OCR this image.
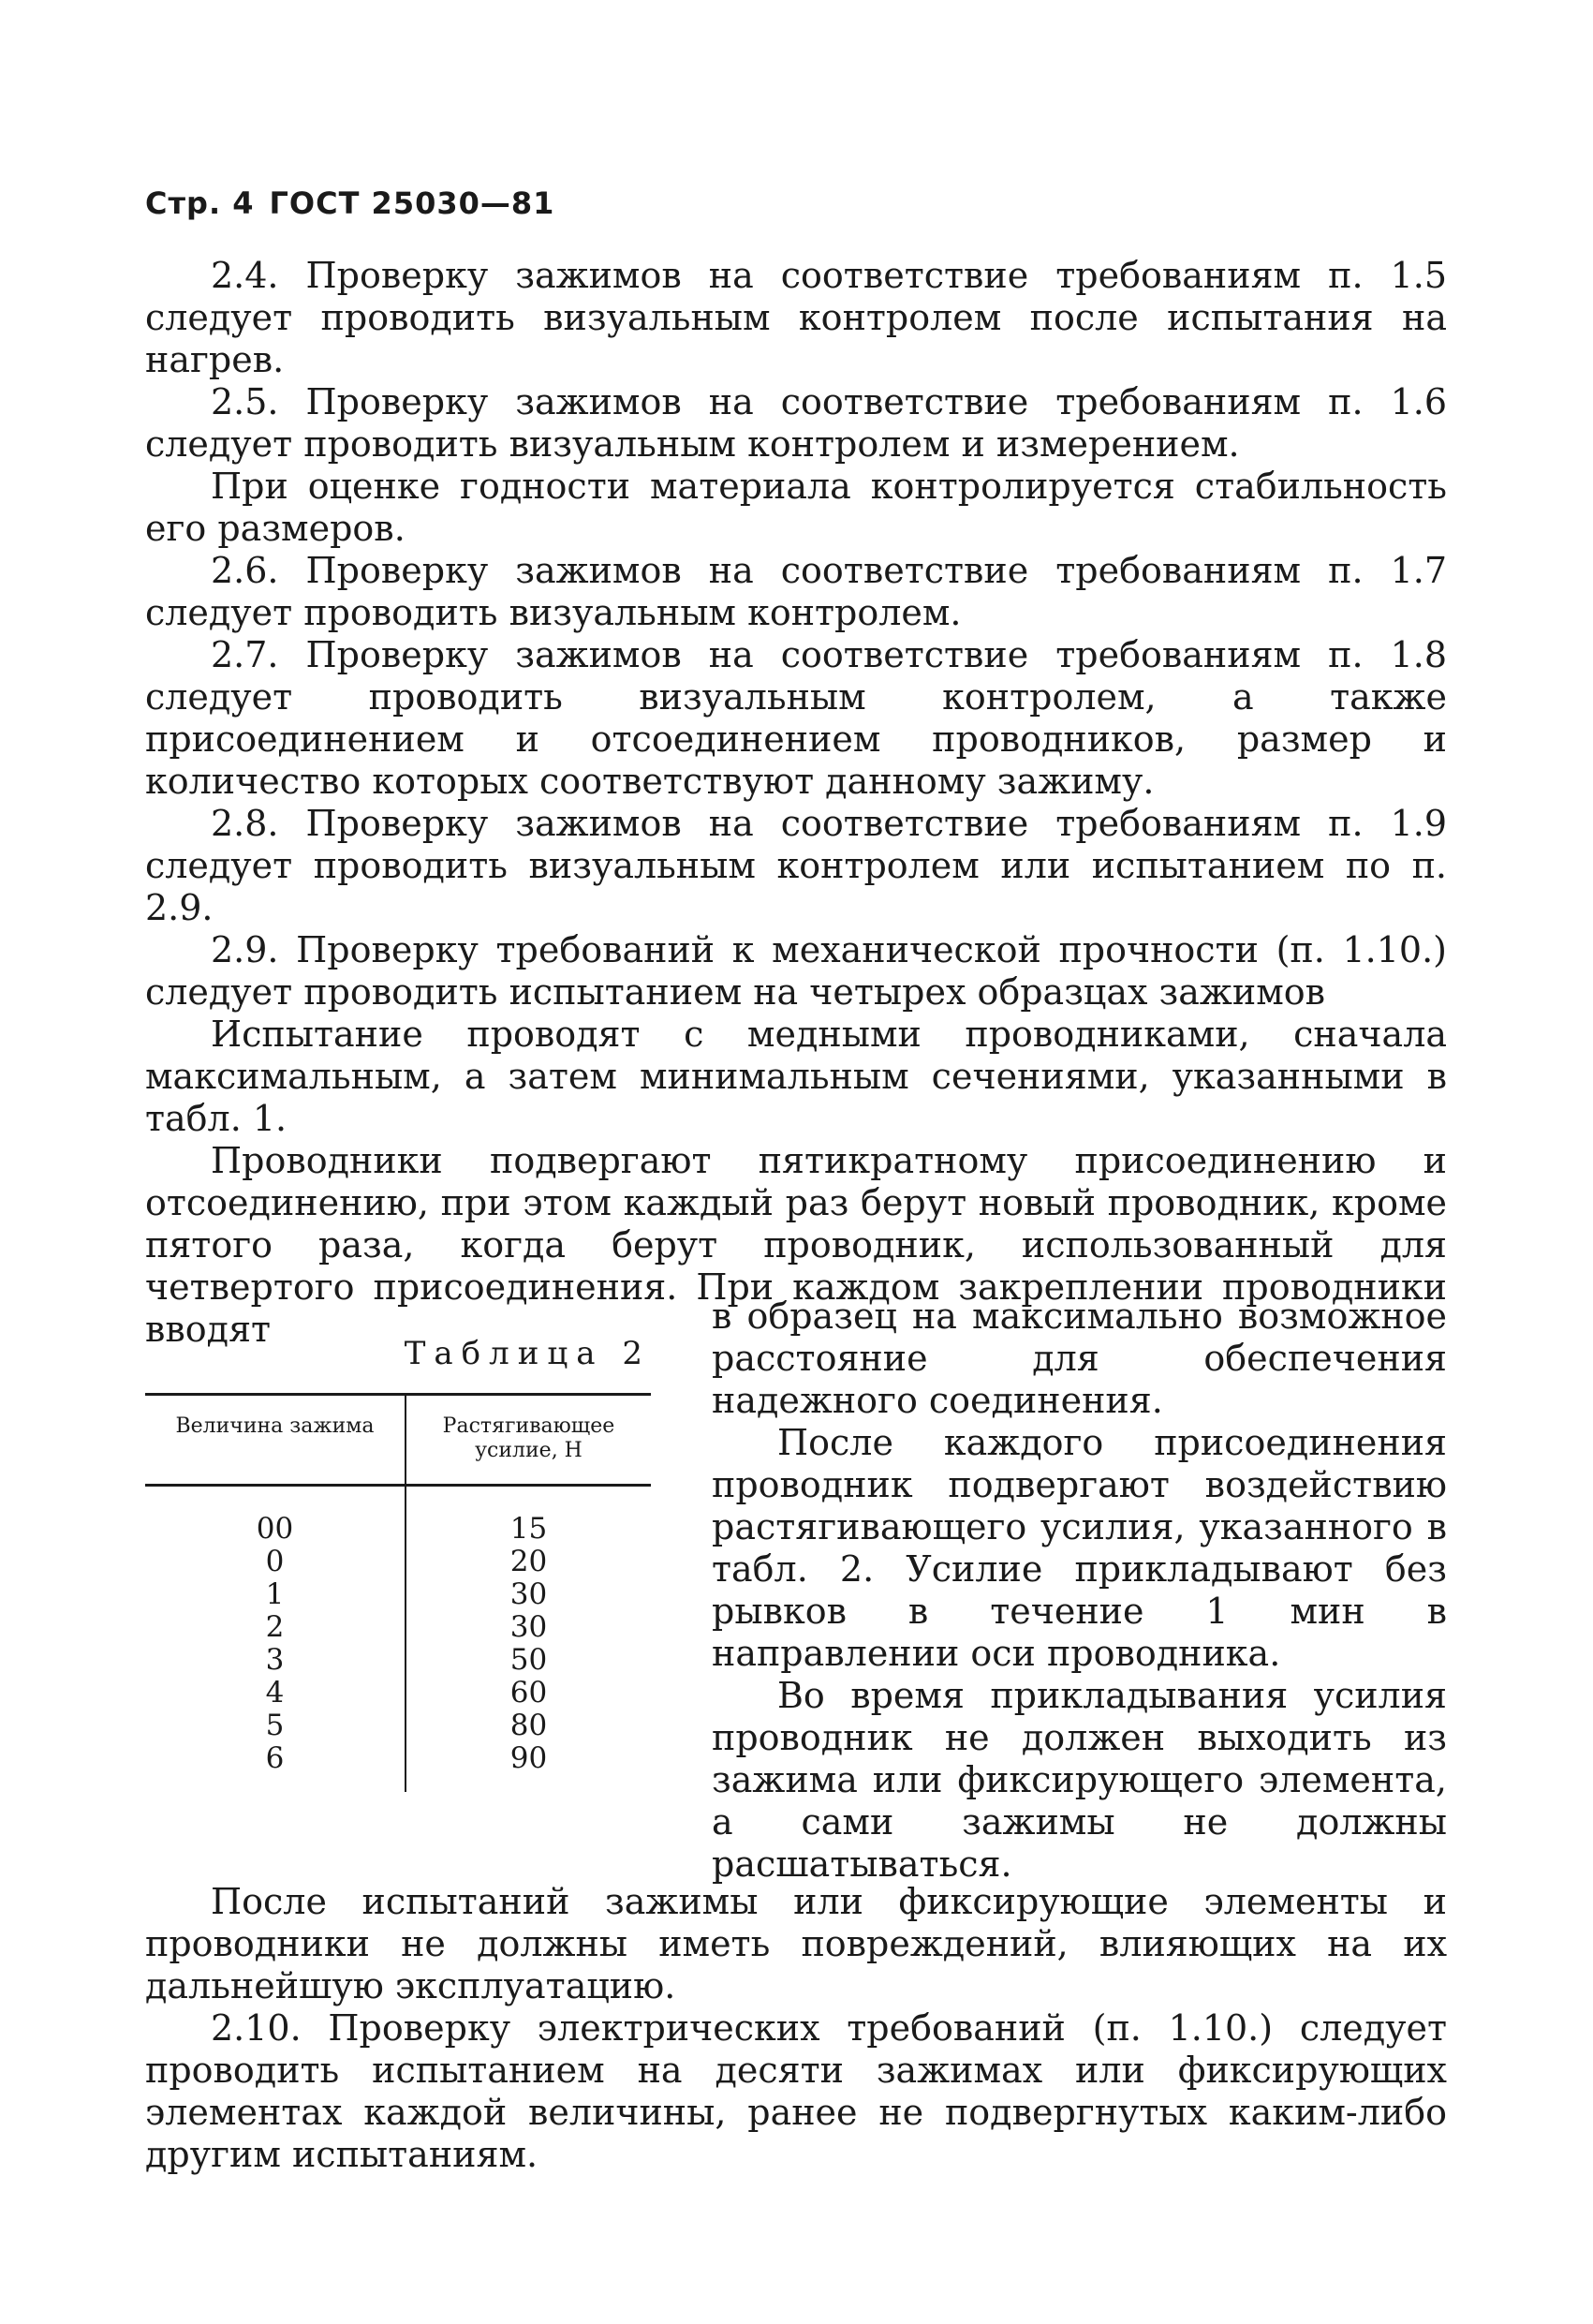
Стр. 4 ГОСТ 25030—81

2.4. Проверку зажимов на соответствие требованиям п. 1.5 следует проводить визуальным контролем после испытания на нагрев.

2.5. Проверку зажимов на соответствие требованиям п. 1.6 следует проводить визуальным контролем и измерением.

При оценке годности материала контролируется стабильность его размеров.

2.6. Проверку зажимов на соответствие требованиям п. 1.7 следует проводить визуальным контролем.

2.7. Проверку зажимов на соответствие требованиям п. 1.8 следует проводить визуальным контролем, а также присоединением и отсоединением проводников, размер и количество которых соответствуют данному зажиму.

2.8. Проверку зажимов на соответствие требованиям п. 1.9 следует проводить визуальным контролем или испытанием по п. 2.9.

2.9. Проверку требований к механической прочности (п. 1.10.) следует проводить испытанием на четырех образцах зажимов

Испытание проводят с медными проводниками, сначала максимальным, а затем минимальным сечениями, указанными в табл. 1.

Проводники подвергают пятикратному присоединению и отсоединению, при этом каждый раз берут новый проводник, кроме пятого раза, когда берут проводник, использованный для четвертого присоединения. При каждом закреплении проводники вводят

Таблица 2
Величина зажима	Растягивающее усилие, Н
00	15
0	20
1	30
2	30
3	50
4	60
5	80
6	90

в образец на максимально возможное расстояние для обеспечения надежного соединения.

После каждого присоединения проводник подвергают воздействию растягивающего усилия, указанного в табл. 2. Усилие прикладывают без рывков в течение 1 мин в направлении оси проводника.

Во время прикладывания усилия проводник не должен выходить из зажима или фиксирующего элемента, а сами зажимы не должны расшатываться.

После испытаний зажимы или фиксирующие элементы и проводники не должны иметь повреждений, влияющих на их дальнейшую эксплуатацию.

2.10. Проверку электрических требований (п. 1.10.) следует проводить испытанием на десяти зажимах или фиксирующих элементах каждой величины, ранее не подвергнутых каким-либо другим испытаниям.
